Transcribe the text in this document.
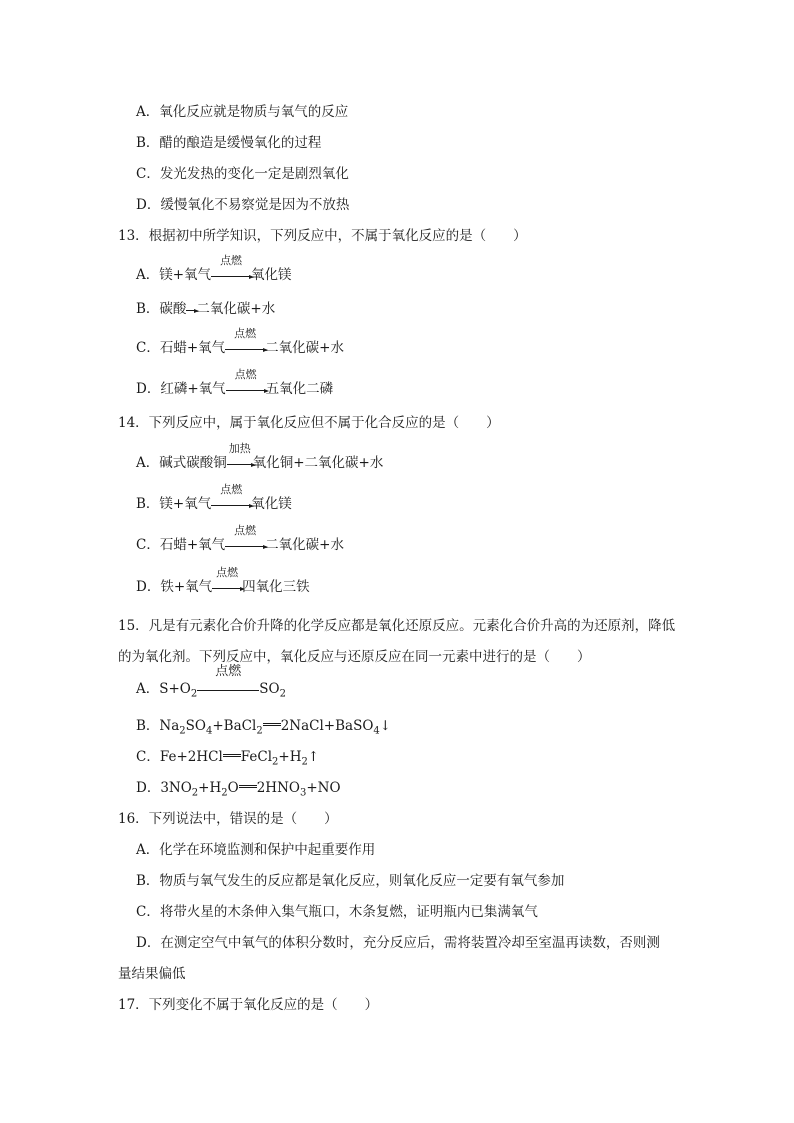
A．氧化反应就是物质与氧气的反应
B．醋的酿造是缓慢氧化的过程
C．发光发热的变化一定是剧烈氧化
D．缓慢氧化不易察觉是因为不放热
13．根据初中所学知识，下列反应中，不属于氧化反应的是（　　）
A．镁+氧气
点燃
氧化镁
B．碳酸 二氧化碳+水
C．石蜡+氧气
点燃
二氧化碳+水
D．红磷+氧气
点燃
五氧化二磷
14．下列反应中，属于氧化反应但不属于化合反应的是（　　）
A．碱式碳酸铜
加热
氧化铜+二氧化碳+水
B．镁+氧气
点燃
氧化镁
C．石蜡+氧气
点燃
二氧化碳+水
D．铁+氧气
点燃
四氧化三铁
15．凡是有元素化合价升降的化学反应都是氧化还原反应。元素化合价升高的为还原剂，降低的为氧化剂。下列反应中，氧化反应与还原反应在同一元素中进行的是（　　）
A．$S+O_2$
点燃
$SO_2$
B．$Na_2SO_4+BaCl_2$ 2NaCl+BaSO$_4$↓
C．Fe+2HCl $FeCl_2+H_2↑$
D．$3NO_2+H_2O$ $2HNO_3+NO$
16．下列说法中，错误的是（　　）
A．化学在环境监测和保护中起重要作用
B．物质与氧气发生的反应都是氧化反应，则氧化反应一定要有氧气参加
C．将带火星的木条伸入集气瓶口，木条复燃，证明瓶内已集满氧气
D．在测定空气中氧气的体积分数时，充分反应后，需将装置冷却至室温再读数，否则测
量结果偏低
17．下列变化不属于氧化反应的是（　　）
